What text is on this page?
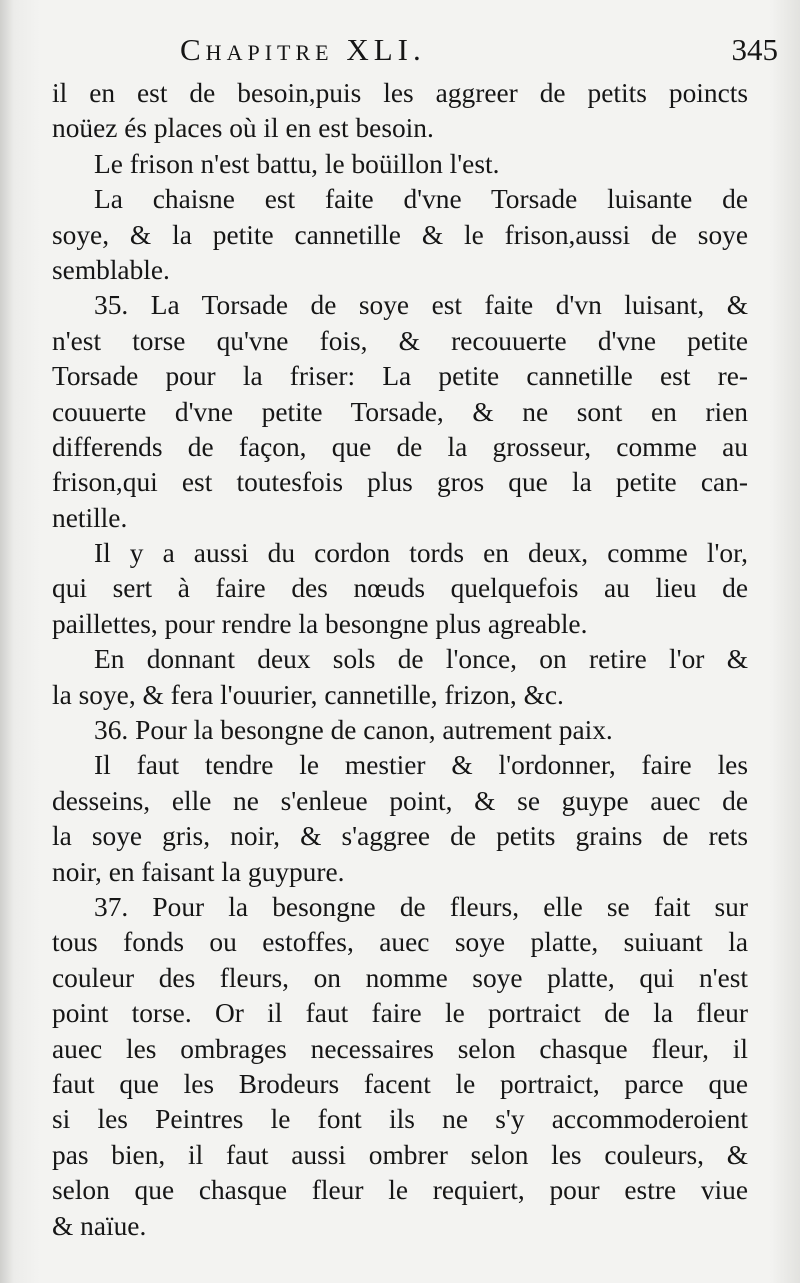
Chapitre XLI.	345
il en est de besoin,puis les aggreer de petits poincts
noüez és places où il en est besoin.
Le frison n'est battu, le boüillon l'est.
La chaisne est faite d'vne Torsade luisante de
soye, & la petite cannetille & le frison,aussi de soye
semblable.
35. La Torsade de soye est faite d'vn luisant, &
n'est torse qu'vne fois, & recouuerte d'vne petite
Torsade pour la friser: La petite cannetille est re-
couuerte d'vne petite Torsade, & ne sont en rien
differends de façon, que de la grosseur, comme au
frison,qui est toutesfois plus gros que la petite can-
netille.
Il y a aussi du cordon tords en deux, comme l'or,
qui sert à faire des nœuds quelquefois au lieu de
paillettes, pour rendre la besongne plus agreable.
En donnant deux sols de l'once, on retire l'or &
la soye, & fera l'ouurier, cannetille, frizon, &c.
36. Pour la besongne de canon, autrement paix.
Il faut tendre le mestier & l'ordonner, faire les
desseins, elle ne s'enleue point, & se guype auec de
la soye gris, noir, & s'aggree de petits grains de rets
noir, en faisant la guypure.
37. Pour la besongne de fleurs, elle se fait sur
tous fonds ou estoffes, auec soye platte, suiuant la
couleur des fleurs, on nomme soye platte, qui n'est
point torse. Or il faut faire le portraict de la fleur
auec les ombrages necessaires selon chasque fleur, il
faut que les Brodeurs facent le portraict, parce que
si les Peintres le font ils ne s'y accommoderoient
pas bien, il faut aussi ombrer selon les couleurs, &
selon que chasque fleur le requiert, pour estre viue
& naïue.
